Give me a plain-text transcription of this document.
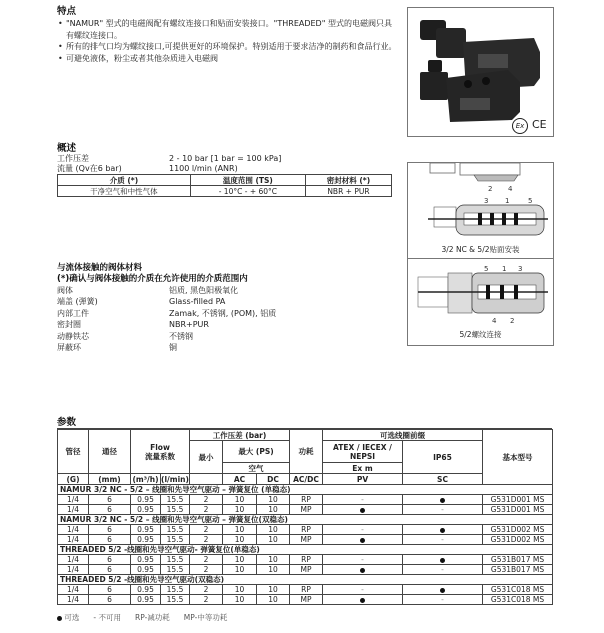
特点
• "NAMUR" 型式的电磁阀配有螺纹连接口和贴面安装接口。"THREADED" 型式的电磁阀只具有螺纹连接口。
• 所有的排气口均为螺纹接口,可提供更好的环境保护。特别适用于要求洁净的制药和食品行业。
• 可避免液体，粉尘或者其他杂质进入电磁阀
Ex CE
概述
工作压差	2 - 10 bar [1 bar = 100 kPa]
流量 (Qv在6 bar)	1100 l/min (ANR)
介质 (*)	温度范围 (TS)	密封材料 (*)
干净空气和中性气体	- 10°C - + 60°C	NBR + PUR	2 4
3 1	5
3/2 NC & 5/2贴面安装
5 1 3
4 2
5/2螺纹连接
与流体接触的阀体材料
(*)确认与阀体接触的介质在允许使用的介质范围内
阀体	铝质, 黑色阳极氧化
端盖 (弹簧)	Glass-filled PA
内部工件	Zamak, 不锈钢, (POM), 铝质
密封圈	NBR+PUR
动静铁芯	不锈钢
屏蔽环	铜
参数
管径	通径	Flow
流量系数		工作压差 (bar)			功耗	可选线圈前缀		基本型号
				最小	最大 (PS)			ATEX / IECEX / NEPSI	IP65	

					空气			Ex m		
(G)	(mm)	(m³/h)	(l/min)		AC	DC	AC/DC	PV	SC	
NAMUR 3/2 NC - 5/2 – 线圈和先导空气驱动 – 弹簧复位 (单稳态)										
1/4	6	0.95	15.5	2	10	10	RP	-		G531D001 MS
1/4	6	0.95	15.5	2	10	10	MP		-	G531D001 MS
NAMUR 3/2 NC - 5/2 – 线圈和先导空气驱动 – 弹簧复位(双稳态)										
1/4	6	0.95	15.5	2	10	10	RP	-		G531D002 MS
1/4	6	0.95	15.5	2	10	10	MP		-	G531D002 MS
THREADED 5/2 -线圈和先导空气驱动- 弹簧复位(单稳态)										
1/4	6	0.95	15.5	2	10	10	RP	-		G531B017 MS
1/4	6	0.95	15.5	2	10	10	MP		-	G531B017 MS
THREADED 5/2 -线圈和先导空气驱动(双稳态)										
1/4	6	0.95	15.5	2	10	10	RP	-		G531C018 MS
1/4	6	0.95	15.5	2	10	10	MP		-	G531C018 MS
可选 - 不可用 RP-减功耗 MP-中等功耗
